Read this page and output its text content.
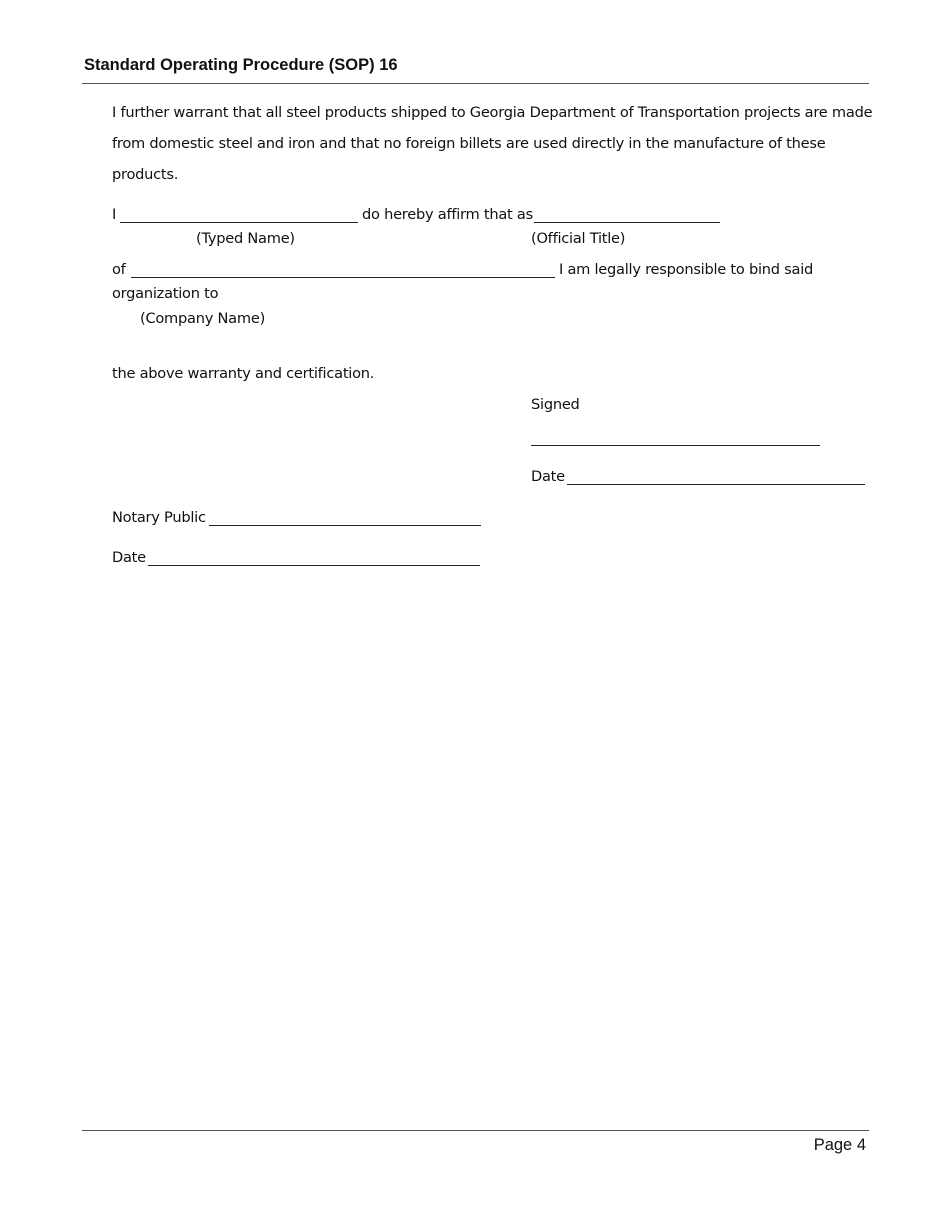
Standard Operating Procedure (SOP) 16
I further warrant that all steel products shipped to Georgia Department of Transportation projects are made
from domestic steel and iron and that no foreign billets are used directly in the manufacture of these
products.
I	do hereby affirm that as
(Typed Name)	(Official Title)
of	I am legally responsible to bind said
organization to
(Company Name)
the above warranty and certification.
Signed
Date
Notary Public
Date
Page 4
